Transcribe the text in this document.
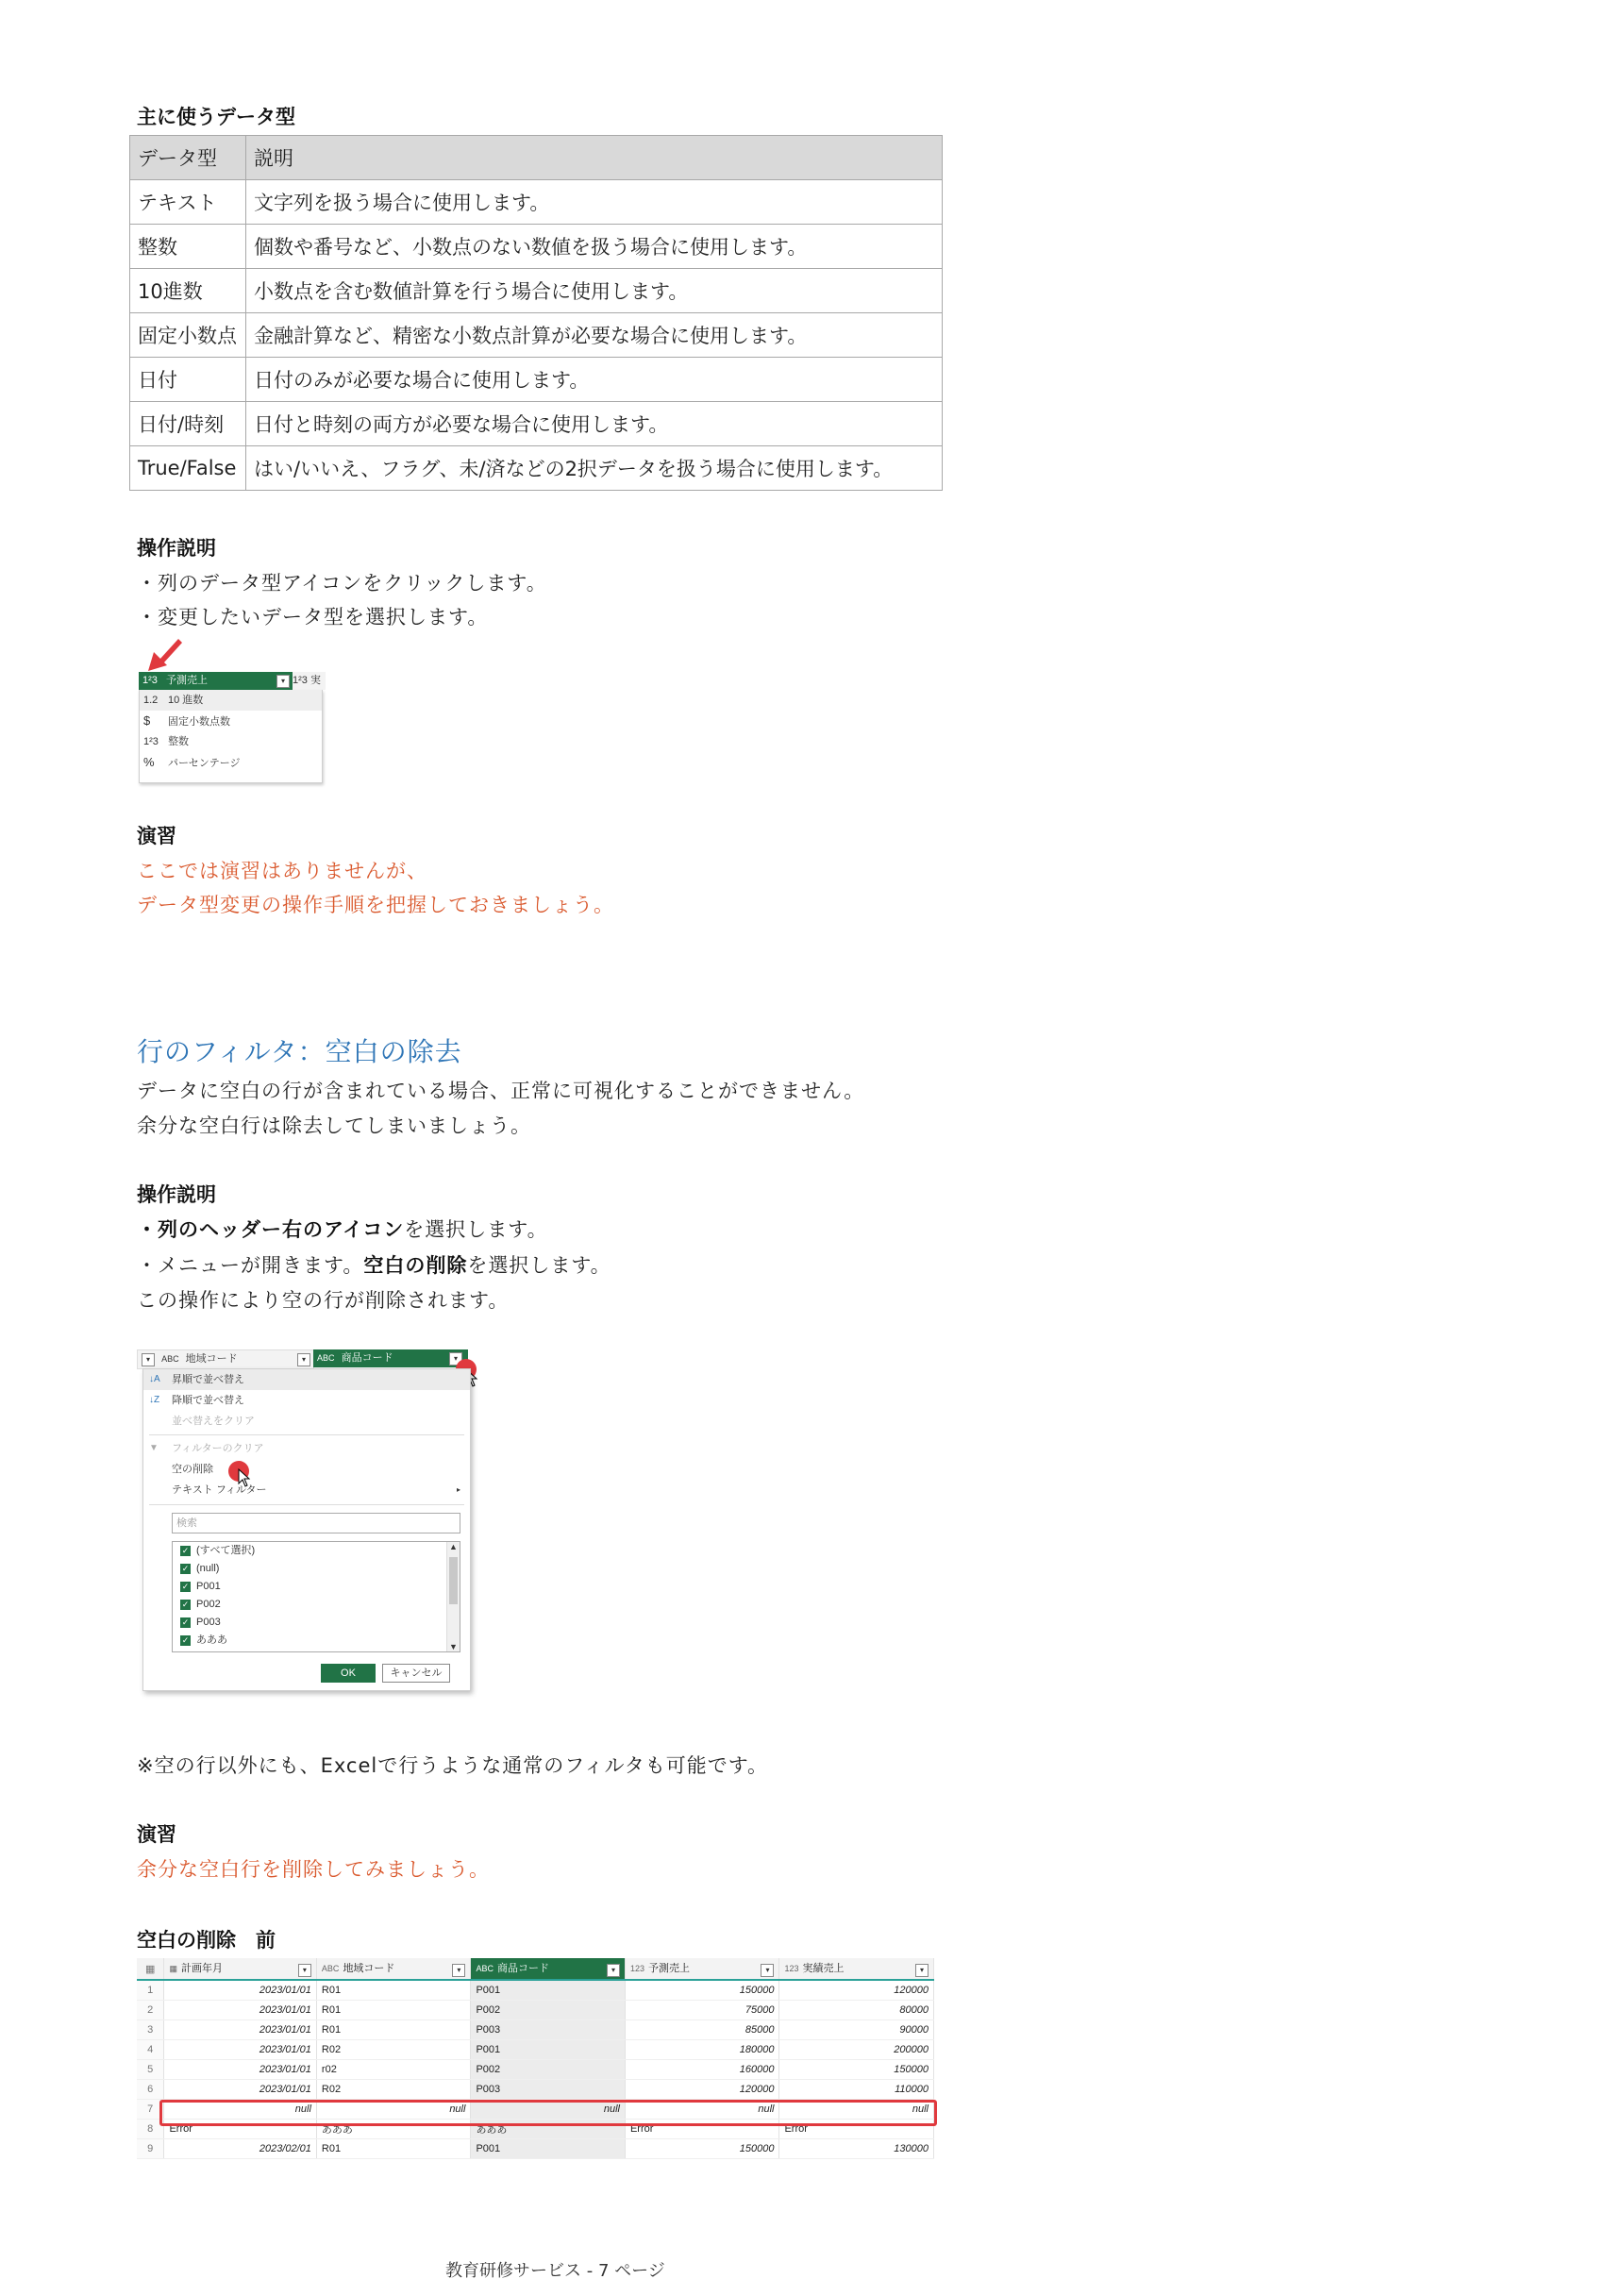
主に使うデータ型
データ型	説明
テキスト	文字列を扱う場合に使用します。
整数	個数や番号など、小数点のない数値を扱う場合に使用します。
10進数	小数点を含む数値計算を行う場合に使用します。
固定小数点	金融計算など、精密な小数点計算が必要な場合に使用します。
日付	日付のみが必要な場合に使用します。
日付/時刻	日付と時刻の両方が必要な場合に使用します。
True/False	はい/いいえ、フラグ、未/済などの2択データを扱う場合に使用します。
操作説明
・列のデータ型アイコンをクリックします。
・変更したいデータ型を選択します。
1²3 予測売上	▾ 1²3 実
1.2 10 進数
$ 固定小数点数
1²3 整数
% パーセンテージ
演習
ここでは演習はありませんが、
データ型変更の操作手順を把握しておきましょう。
行のフィルタ：空白の除去
データに空白の行が含まれている場合、正常に可視化することができません。
余分な空白行は除去してしまいましょう。
操作説明
・列のヘッダー右のアイコンを選択します。
・メニューが開きます。空白の削除を選択します。
この操作により空の行が削除されます。
▾ ABC 地域コード	▾	ABC 商品コード	▾
↓A 昇順で並べ替え
↓Z 降順で並べ替え
並べ替えをクリア
▼ フィルターのクリア
空の削除
テキスト フィルター	▸
検索
✓ (すべて選択)
✓ (null)
✓ P001
✓ P002
✓ P003
✓ あああ
▲
▼
OK	キャンセル
※空の行以外にも、Excelで行うような通常のフィルタも可能です。
演習
余分な空白行を削除してみましょう。
空白の削除　前
▦	▦ 計画年月 ▾	ABC 地域コード ▾	ABC 商品コード ▾	123 予測売上 ▾	123 実績売上 ▾

1	2023/01/01	R01	P001	150000	120000
2	2023/01/01	R01	P002	75000	80000
3	2023/01/01	R01	P003	85000	90000
4	2023/01/01	R02	P001	180000	200000
5	2023/01/01	r02	P002	160000	150000
6	2023/01/01	R02	P003	120000	110000
7	null	null	null	null	null
8	Error	あああ	あああ	Error	Error
9	2023/02/01	R01	P001	150000	130000
教育研修サービス - 7 ページ
